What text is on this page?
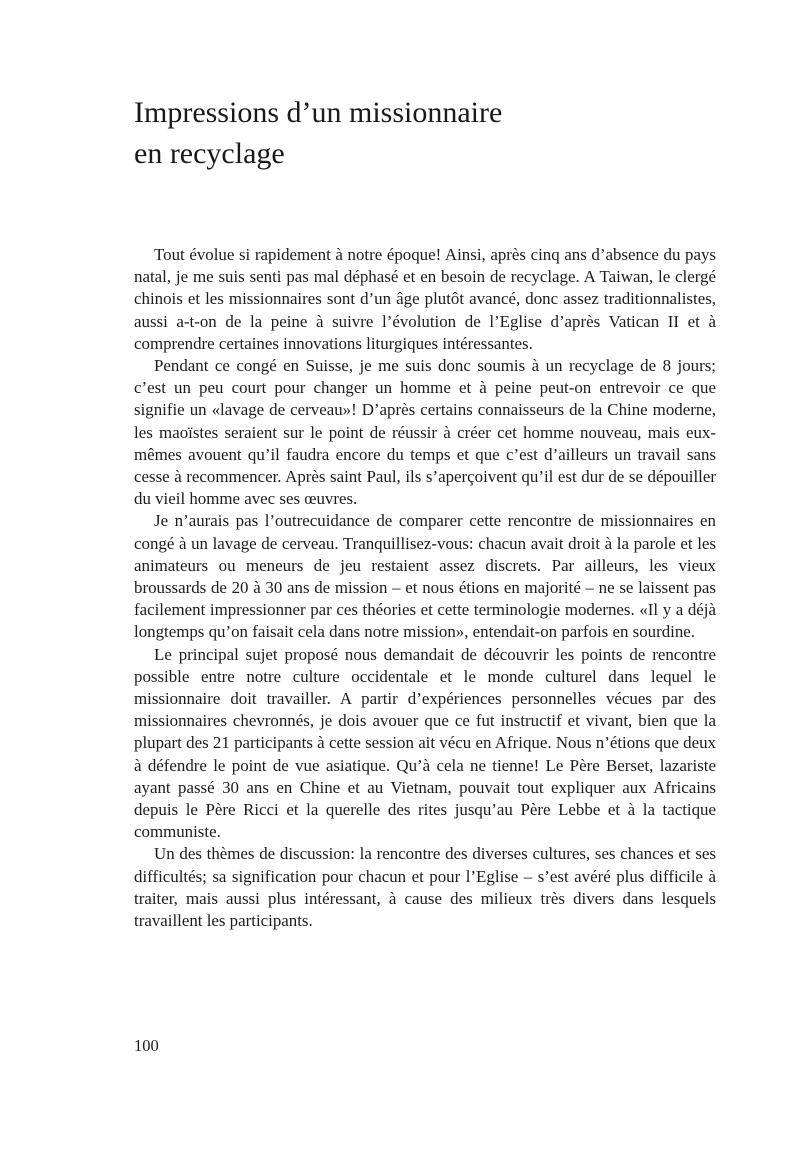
Impressions d’un missionnaire
en recyclage

Tout évolue si rapidement à notre époque! Ainsi, après cinq ans d’absence du pays natal, je me suis senti pas mal déphasé et en besoin de recyclage. A Taiwan, le clergé chinois et les missionnaires sont d’un âge plutôt avancé, donc assez traditionnalistes, aussi a-t-on de la peine à suivre l’évolution de l’Eglise d’après Vatican II et à comprendre certaines innovations liturgiques intéressantes.

Pendant ce congé en Suisse, je me suis donc soumis à un recyclage de 8 jours; c’est un peu court pour changer un homme et à peine peut-on entrevoir ce que signifie un «lavage de cerveau»! D’après certains connaisseurs de la Chine moderne, les maoïstes seraient sur le point de réussir à créer cet homme nouveau, mais eux-mêmes avouent qu’il faudra encore du temps et que c’est d’ailleurs un travail sans cesse à recommencer. Après saint Paul, ils s’aperçoivent qu’il est dur de se dépouiller du vieil homme avec ses œuvres.

Je n’aurais pas l’outrecuidance de comparer cette rencontre de missionnaires en congé à un lavage de cerveau. Tranquillisez-vous: chacun avait droit à la parole et les animateurs ou meneurs de jeu restaient assez discrets. Par ailleurs, les vieux broussards de 20 à 30 ans de mission – et nous étions en majorité – ne se laissent pas facilement impressionner par ces théories et cette terminologie modernes. «Il y a déjà longtemps qu’on faisait cela dans notre mission», entendait-on parfois en sourdine.

Le principal sujet proposé nous demandait de découvrir les points de rencontre possible entre notre culture occidentale et le monde culturel dans lequel le missionnaire doit travailler. A partir d’expériences personnelles vécues par des missionnaires chevronnés, je dois avouer que ce fut instructif et vivant, bien que la plupart des 21 participants à cette session ait vécu en Afrique. Nous n’étions que deux à défendre le point de vue asiatique. Qu’à cela ne tienne! Le Père Berset, lazariste ayant passé 30 ans en Chine et au Vietnam, pouvait tout expliquer aux Africains depuis le Père Ricci et la querelle des rites jusqu’au Père Lebbe et à la tactique communiste.

Un des thèmes de discussion: la rencontre des diverses cultures, ses chances et ses difficultés; sa signification pour chacun et pour l’Eglise – s’est avéré plus difficile à traiter, mais aussi plus intéressant, à cause des milieux très divers dans lesquels travaillent les participants.

100
